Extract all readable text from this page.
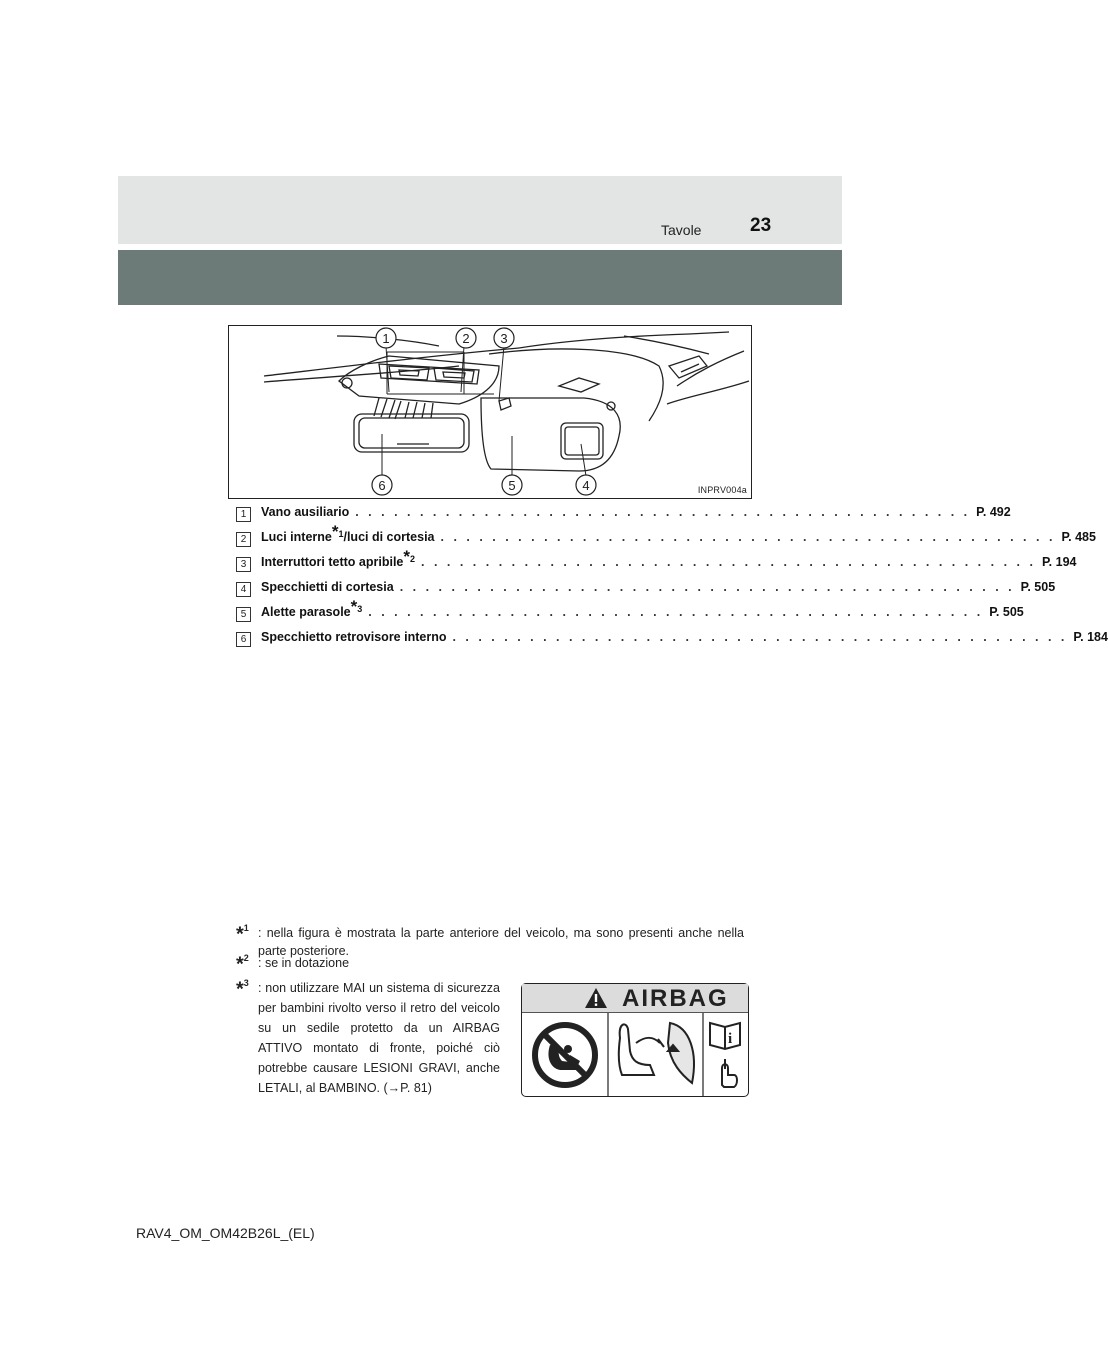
Tavole	23
1	2 3
4
5
6	INPRV004a
1	Vano ausiliario . . . . . . . . . . . . . . . . . . . . . . . . . . . . . . . . . . . . . . . . . . . . . . . . P. 492
2	Luci interne$^{*1}$/luci di cortesia . . . . . . . . . . . . . . . . . . . . . . . . . . . . . . . . . . . . . . . . . . . . . . . . P. 485
3	Interruttori tetto apribile$^{*2}$ . . . . . . . . . . . . . . . . . . . . . . . . . . . . . . . . . . . . . . . . . . . . . . . . P. 194
4	Specchietti di cortesia . . . . . . . . . . . . . . . . . . . . . . . . . . . . . . . . . . . . . . . . . . . . . . . . P. 505
5	Alette parasole$^{*3}$ . . . . . . . . . . . . . . . . . . . . . . . . . . . . . . . . . . . . . . . . . . . . . . . . P. 505
6	Specchietto retrovisore interno . . . . . . . . . . . . . . . . . . . . . . . . . . . . . . . . . . . . . . . . . . . . . . . . P. 184
*$^1$ : nella figura è mostrata la parte anteriore del veicolo, ma sono presenti anche nella parte posteriore.
*$^2$ : se in dotazione
*$^3$ : non utilizzare MAI un sistema di sicurezza per bambini rivolto verso il retro del veicolo su un sedile protetto da un AIRBAG ATTIVO montato di fronte, poiché ciò potrebbe causare LESIONI GRAVI, anche LETALI, al BAMBINO. (→P. 81)
AIRBAG
i
RAV4_OM_OM42B26L_(EL)
